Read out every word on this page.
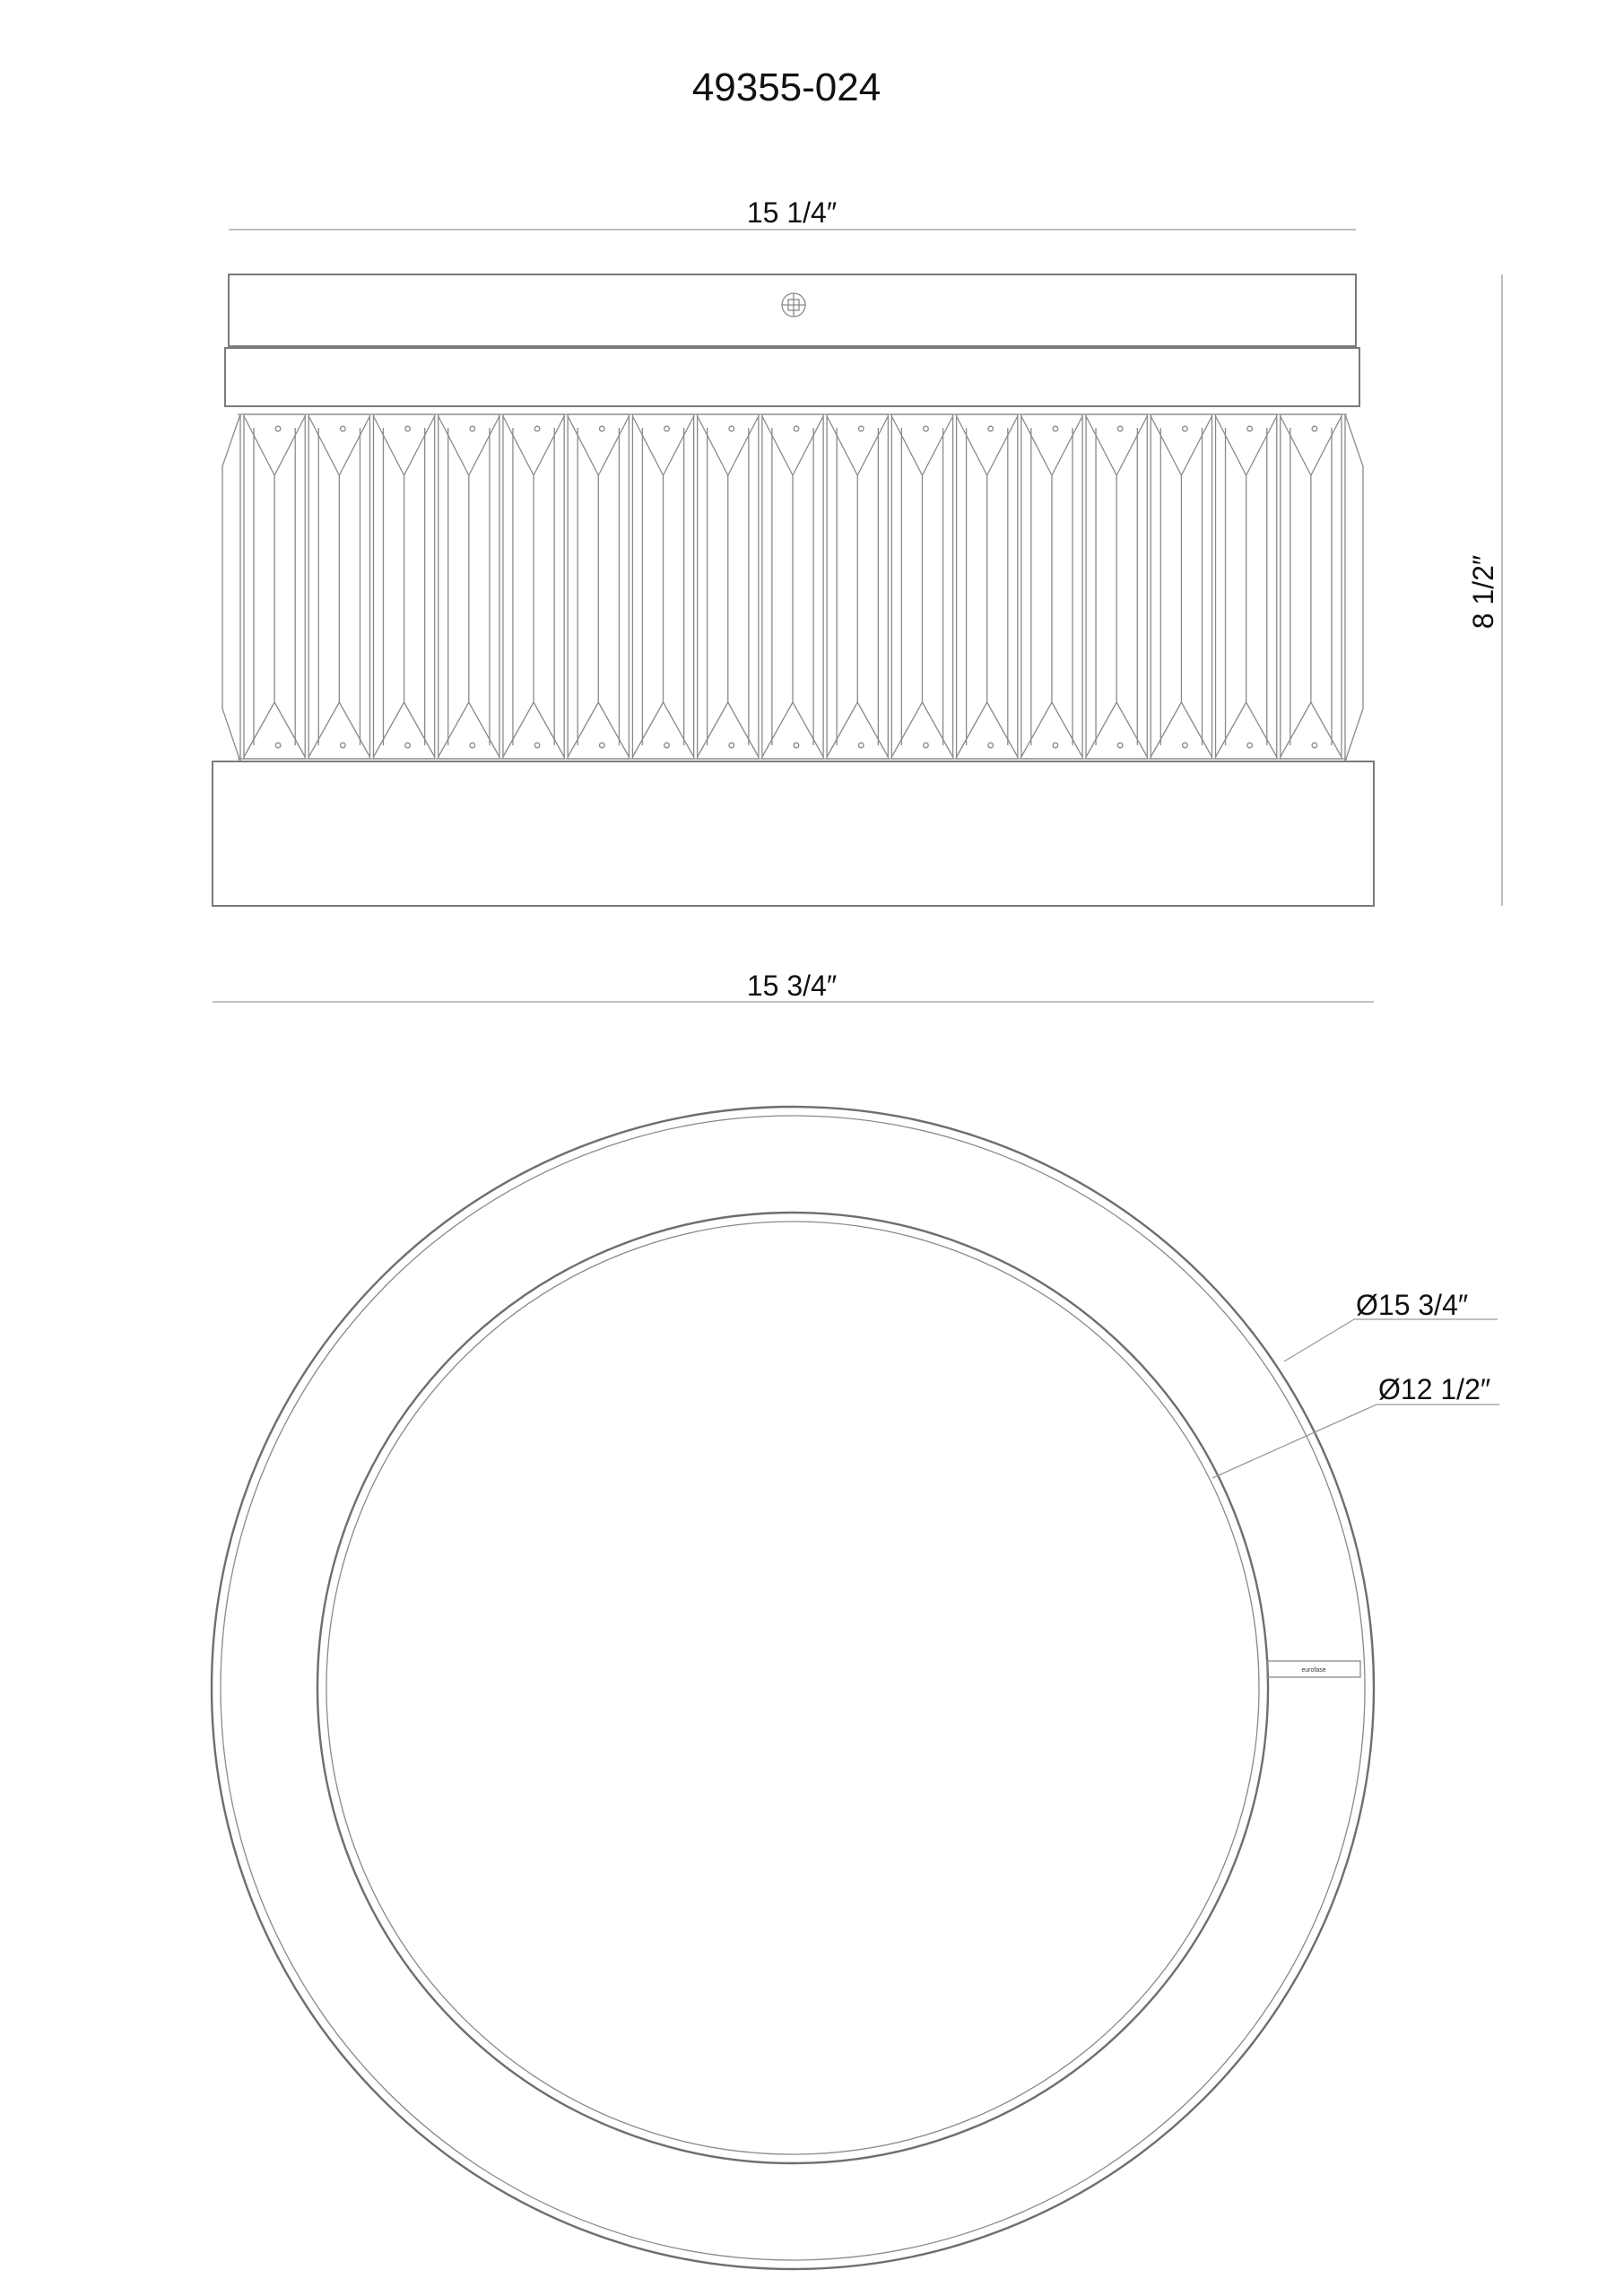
49355-024
15 1/4″
8 1/2″
15 3/4″
eurofase
Ø15 3/4″
Ø12 1/2″
